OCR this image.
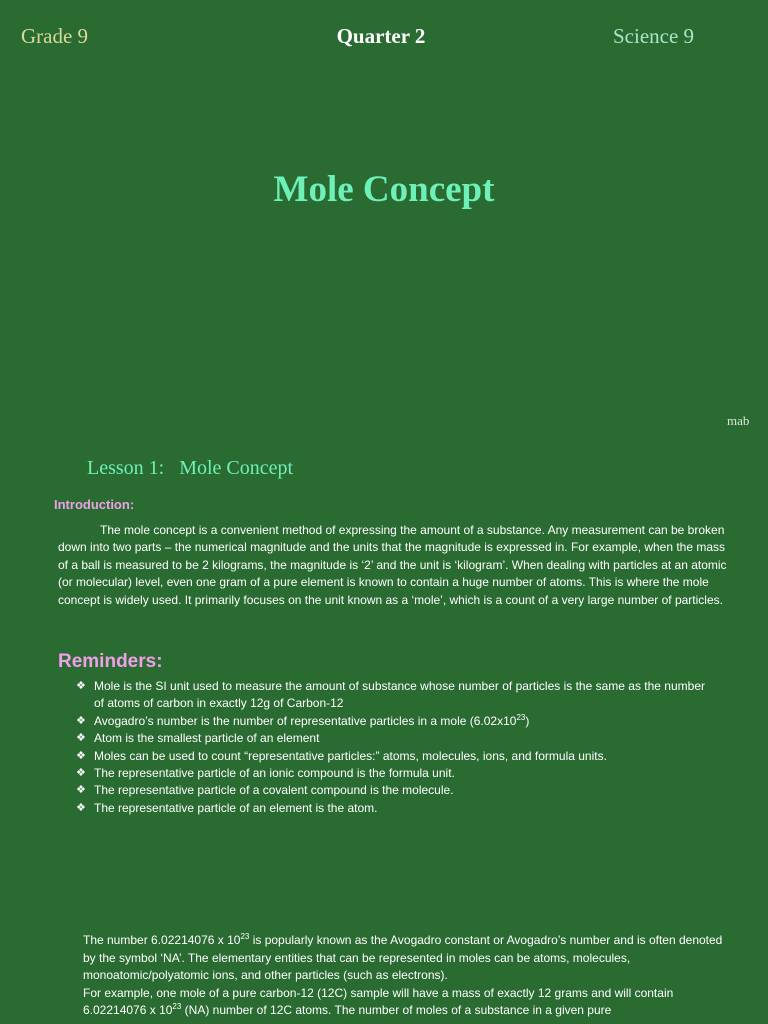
Grade 9	Quarter 2	Science 9
Mole Concept
mab
Lesson 1: Mole Concept
Introduction:

The mole concept is a convenient method of expressing the amount of a substance. Any measurement can be broken down into two parts – the numerical magnitude and the units that the magnitude is expressed in. For example, when the mass of a ball is measured to be 2 kilograms, the magnitude is ‘2’ and the unit is ‘kilogram’. When dealing with particles at an atomic (or molecular) level, even one gram of a pure element is known to contain a huge number of atoms. This is where the mole concept is widely used. It primarily focuses on the unit known as a ‘mole’, which is a count of a very large number of particles.

Reminders:
❖ Mole is the SI unit used to measure the amount of substance whose number of particles is the same as the number of atoms of carbon in exactly 12g of Carbon-12
❖ Avogadro’s number is the number of representative particles in a mole $(6.02x10^{23})$
❖ Atom is the smallest particle of an element
❖ Moles can be used to count “representative particles:” atoms, molecules, ions, and formula units.
❖ The representative particle of an ionic compound is the formula unit.
❖ The representative particle of a covalent compound is the molecule.
❖ The representative particle of an element is the atom.

The number 6.02214076 x $10^{23}$ is popularly known as the Avogadro constant or Avogadro’s number and is often denoted by the symbol ‘NA’. The elementary entities that can be represented in moles can be atoms, molecules, monoatomic/polyatomic ions, and other particles (such as electrons).

For example, one mole of a pure carbon-12 (12C) sample will have a mass of exactly 12 grams and will contain 6.02214076 x $10^{23}$ (NA) number of 12C atoms. The number of moles of a substance in a given pure
